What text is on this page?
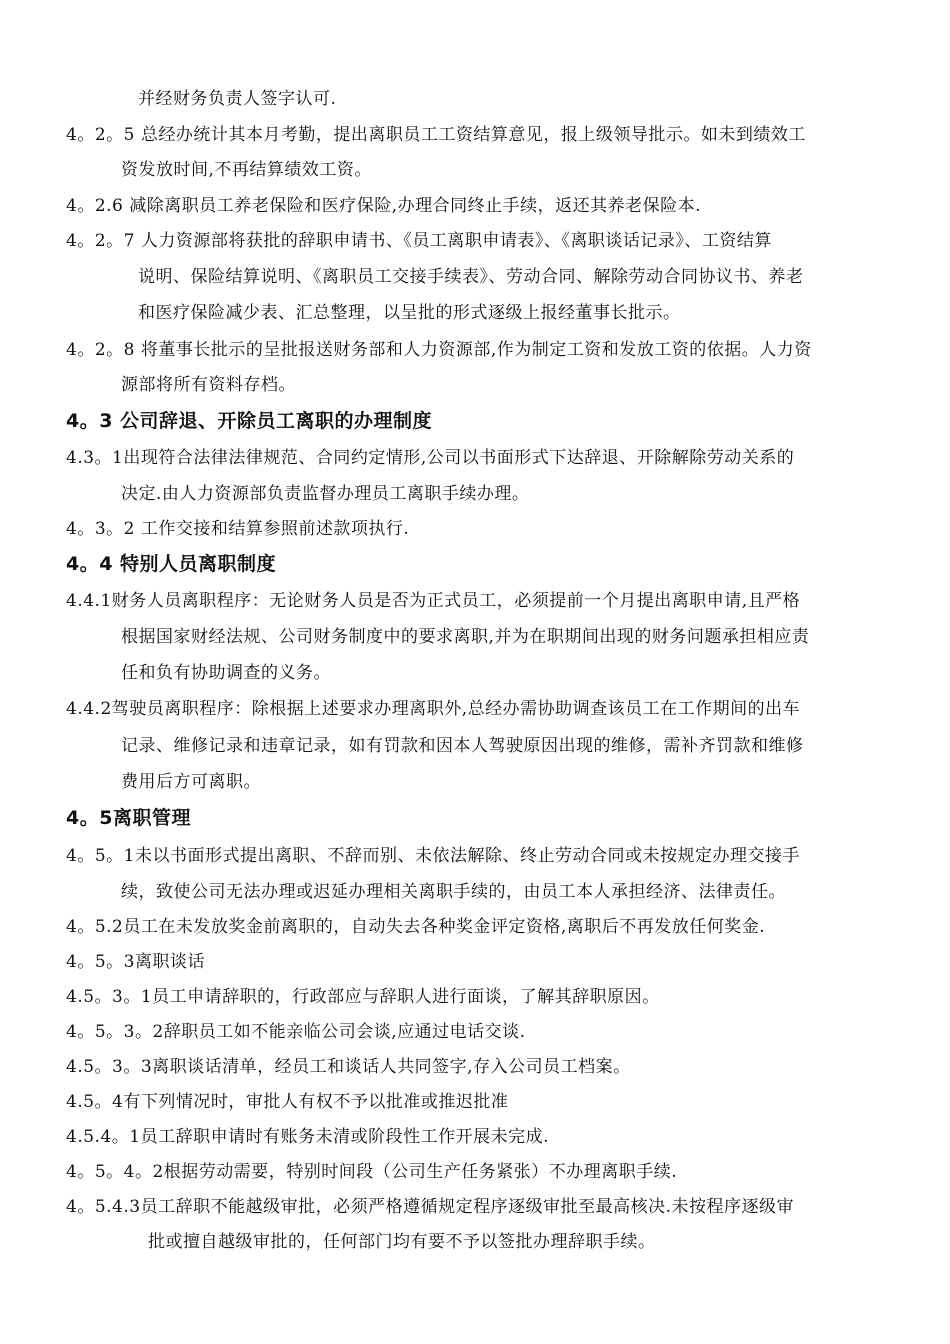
并经财务负责人签字认可.
4。2。5 总经办统计其本月考勤，提出离职员工工资结算意见，报上级领导批示。如未到绩效工
资发放时间,不再结算绩效工资。
4。2.6 减除离职员工养老保险和医疗保险,办理合同终止手续，返还其养老保险本.
4。2。7 人力资源部将获批的辞职申请书、《员工离职申请表》、《离职谈话记录》、工资结算
说明、保险结算说明、《离职员工交接手续表》、劳动合同、解除劳动合同协议书、养老
和医疗保险减少表、汇总整理，以呈批的形式逐级上报经董事长批示。
4。2。8 将董事长批示的呈批报送财务部和人力资源部,作为制定工资和发放工资的依据。人力资
源部将所有资料存档。
4。3 公司辞退、开除员工离职的办理制度
4.3。1出现符合法律法律规范、合同约定情形,公司以书面形式下达辞退、开除解除劳动关系的
决定.由人力资源部负责监督办理员工离职手续办理。
4。3。2 工作交接和结算参照前述款项执行.
4。4 特别人员离职制度
4.4.1财务人员离职程序：无论财务人员是否为正式员工，必须提前一个月提出离职申请,且严格
根据国家财经法规、公司财务制度中的要求离职,并为在职期间出现的财务问题承担相应责
任和负有协助调查的义务。
4.4.2驾驶员离职程序：除根据上述要求办理离职外,总经办需协助调查该员工在工作期间的出车
记录、维修记录和违章记录，如有罚款和因本人驾驶原因出现的维修，需补齐罚款和维修
费用后方可离职。
4。5离职管理
4。5。1未以书面形式提出离职、不辞而别、未依法解除、终止劳动合同或未按规定办理交接手
续，致使公司无法办理或迟延办理相关离职手续的，由员工本人承担经济、法律责任。
4。5.2员工在未发放奖金前离职的，自动失去各种奖金评定资格,离职后不再发放任何奖金.
4。5。3离职谈话
4.5。3。1员工申请辞职的，行政部应与辞职人进行面谈，了解其辞职原因。
4。5。3。2辞职员工如不能亲临公司会谈,应通过电话交谈.
4.5。3。3离职谈话清单，经员工和谈话人共同签字,存入公司员工档案。
4.5。4有下列情况时，审批人有权不予以批准或推迟批准
4.5.4。1员工辞职申请时有账务未清或阶段性工作开展未完成.
4。5。4。2根据劳动需要，特别时间段（公司生产任务紧张）不办理离职手续.
4。5.4.3员工辞职不能越级审批，必须严格遵循规定程序逐级审批至最高核决.未按程序逐级审
批或擅自越级审批的，任何部门均有要不予以签批办理辞职手续。
